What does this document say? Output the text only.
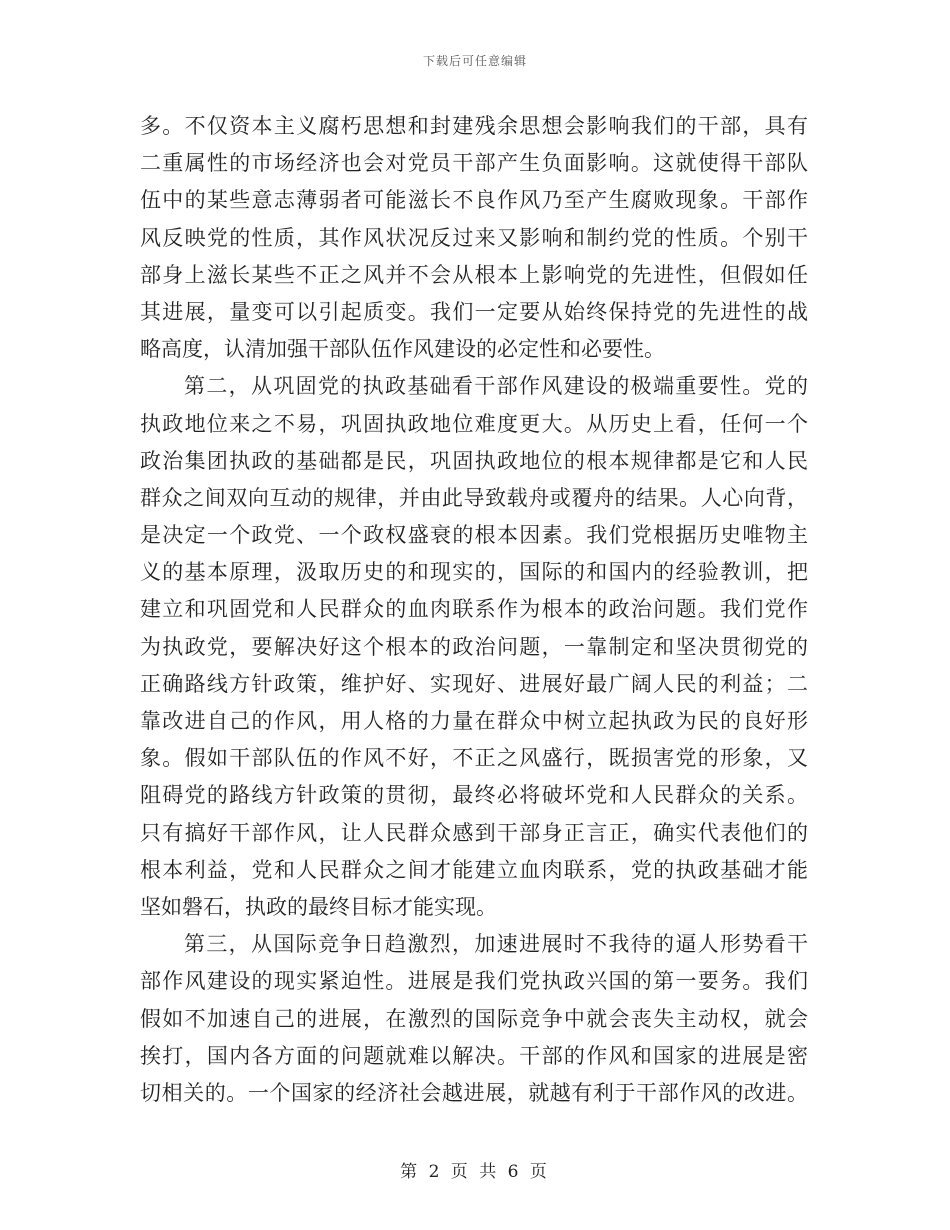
下载后可任意编辑
多。不仅资本主义腐朽思想和封建残余思想会影响我们的干部，具有
二重属性的市场经济也会对党员干部产生负面影响。这就使得干部队
伍中的某些意志薄弱者可能滋长不良作风乃至产生腐败现象。干部作
风反映党的性质，其作风状况反过来又影响和制约党的性质。个别干
部身上滋长某些不正之风并不会从根本上影响党的先进性，但假如任
其进展，量变可以引起质变。我们一定要从始终保持党的先进性的战
略高度，认清加强干部队伍作风建设的必定性和必要性。
第二，从巩固党的执政基础看干部作风建设的极端重要性。党的
执政地位来之不易，巩固执政地位难度更大。从历史上看，任何一个
政治集团执政的基础都是民，巩固执政地位的根本规律都是它和人民
群众之间双向互动的规律，并由此导致载舟或覆舟的结果。人心向背，
是决定一个政党、一个政权盛衰的根本因素。我们党根据历史唯物主
义的基本原理，汲取历史的和现实的，国际的和国内的经验教训，把
建立和巩固党和人民群众的血肉联系作为根本的政治问题。我们党作
为执政党，要解决好这个根本的政治问题，一靠制定和坚决贯彻党的
正确路线方针政策，维护好、实现好、进展好最广阔人民的利益；二
靠改进自己的作风，用人格的力量在群众中树立起执政为民的良好形
象。假如干部队伍的作风不好，不正之风盛行，既损害党的形象，又
阻碍党的路线方针政策的贯彻，最终必将破坏党和人民群众的关系。
只有搞好干部作风，让人民群众感到干部身正言正，确实代表他们的
根本利益，党和人民群众之间才能建立血肉联系，党的执政基础才能
坚如磐石，执政的最终目标才能实现。
第三，从国际竞争日趋激烈，加速进展时不我待的逼人形势看干
部作风建设的现实紧迫性。进展是我们党执政兴国的第一要务。我们
假如不加速自己的进展，在激烈的国际竞争中就会丧失主动权，就会
挨打，国内各方面的问题就难以解决。干部的作风和国家的进展是密
切相关的。一个国家的经济社会越进展，就越有利于干部作风的改进。
第 2 页 共 6 页
